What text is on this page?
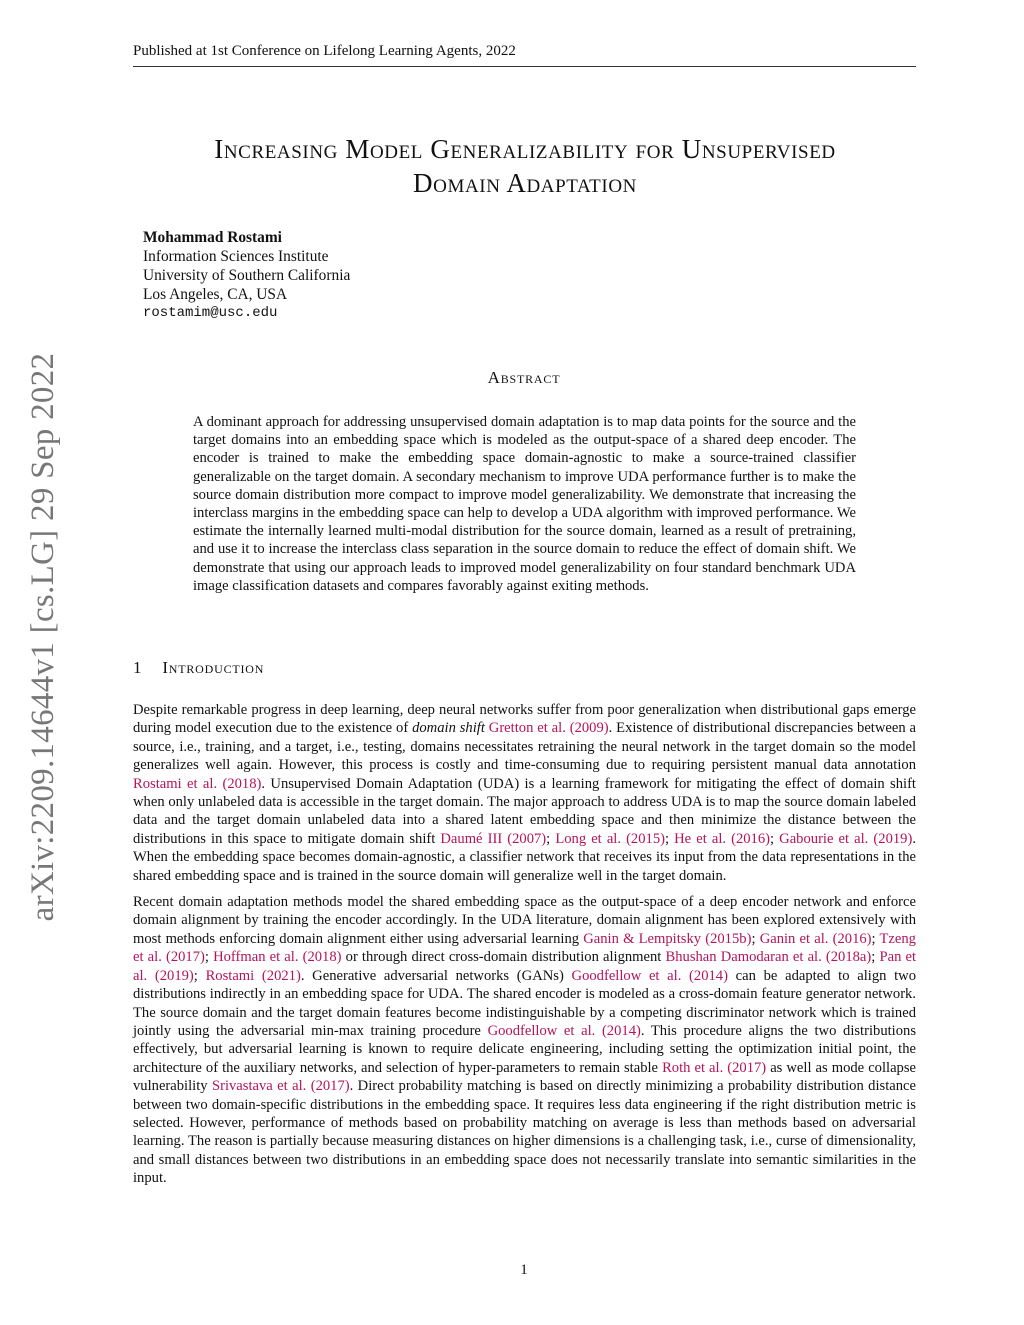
Published at 1st Conference on Lifelong Learning Agents, 2022
arXiv:2209.14644v1 [cs.LG] 29 Sep 2022
Increasing Model Generalizability for Unsupervised
Domain Adaptation
Mohammad Rostami
Information Sciences Institute
University of Southern California
Los Angeles, CA, USA
rostamim@usc.edu
Abstract
A dominant approach for addressing unsupervised domain adaptation is to map data points for the source and the target domains into an embedding space which is modeled as the output-space of a shared deep encoder. The encoder is trained to make the embedding space domain-agnostic to make a source-trained classifier generalizable on the target domain. A secondary mechanism to improve UDA performance further is to make the source domain distribution more compact to improve model generalizability. We demonstrate that increasing the interclass margins in the embedding space can help to develop a UDA algorithm with improved performance. We estimate the internally learned multi-modal distribution for the source domain, learned as a result of pretraining, and use it to increase the interclass class separation in the source domain to reduce the effect of domain shift. We demonstrate that using our approach leads to improved model generalizability on four standard benchmark UDA image classification datasets and compares favorably against exiting methods.
1 Introduction

Despite remarkable progress in deep learning, deep neural networks suffer from poor generalization when distributional gaps emerge during model execution due to the existence of domain shift Gretton et al. (2009). Existence of distributional discrepancies between a source, i.e., training, and a target, i.e., testing, domains necessitates retraining the neural network in the target domain so the model generalizes well again. However, this process is costly and time-consuming due to requiring persistent manual data annotation Rostami et al. (2018). Unsupervised Domain Adaptation (UDA) is a learning framework for mitigating the effect of domain shift when only unlabeled data is accessible in the target domain. The major approach to address UDA is to map the source domain labeled data and the target domain unlabeled data into a shared latent embedding space and then minimize the distance between the distributions in this space to mitigate domain shift Daumé III (2007); Long et al. (2015); He et al. (2016); Gabourie et al. (2019). When the embedding space becomes domain-agnostic, a classifier network that receives its input from the data representations in the shared embedding space and is trained in the source domain will generalize well in the target domain.

Recent domain adaptation methods model the shared embedding space as the output-space of a deep encoder network and enforce domain alignment by training the encoder accordingly. In the UDA literature, domain alignment has been explored extensively with most methods enforcing domain alignment either using adversarial learning Ganin & Lempitsky (2015b); Ganin et al. (2016); Tzeng et al. (2017); Hoffman et al. (2018) or through direct cross-domain distribution alignment Bhushan Damodaran et al. (2018a); Pan et al. (2019); Rostami (2021). Generative adversarial networks (GANs) Goodfellow et al. (2014) can be adapted to align two distributions indirectly in an embedding space for UDA. The shared encoder is modeled as a cross-domain feature generator network. The source domain and the target domain features become indistinguishable by a competing discriminator network which is trained jointly using the adversarial min-max training procedure Goodfellow et al. (2014). This procedure aligns the two distributions effectively, but adversarial learning is known to require delicate engineering, including setting the optimization initial point, the architecture of the auxiliary networks, and selection of hyper-parameters to remain stable Roth et al. (2017) as well as mode collapse vulnerability Srivastava et al. (2017). Direct probability matching is based on directly minimizing a probability distribution distance between two domain-specific distributions in the embedding space. It requires less data engineering if the right distribution metric is selected. However, performance of methods based on probability matching on average is less than methods based on adversarial learning. The reason is partially because measuring distances on higher dimensions is a challenging task, i.e., curse of dimensionality, and small distances between two distributions in an embedding space does not necessarily translate into semantic similarities in the input.

1
